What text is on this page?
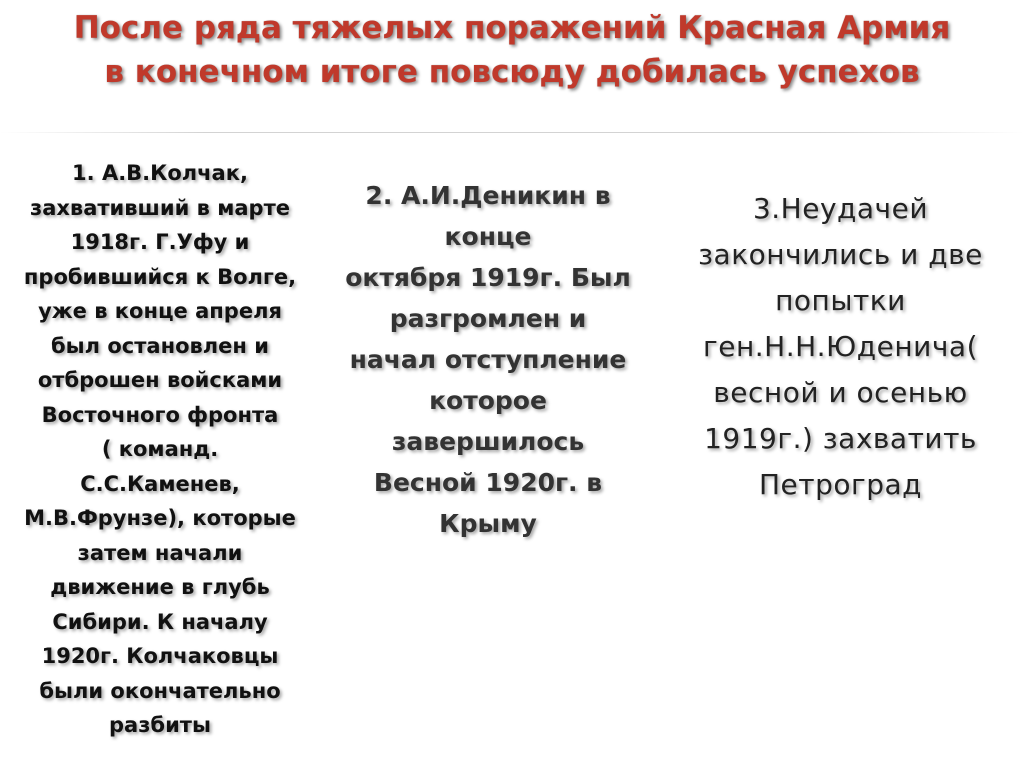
После ряда тяжелых поражений Красная Армия
в конечном итоге повсюду добилась успехов
1. А.В.Колчак,
захвативший в марте
1918г. Г.Уфу и
пробившийся к Волге,
уже в конце апреля
был остановлен и
отброшен войсками
Восточного фронта
( команд.
С.С.Каменев,
М.В.Фрунзе), которые
затем начали
движение в глубь
Сибири. К началу
1920г. Колчаковцы
были окончательно
разбиты
2. А.И.Деникин в
конце
октября 1919г. Был
разгромлен и
начал отступление
которое
завершилось
Весной 1920г. в
Крыму
3.Неудачей
закончились и две
попытки
ген.Н.Н.Юденича(
весной и осенью
1919г.) захватить
Петроград
